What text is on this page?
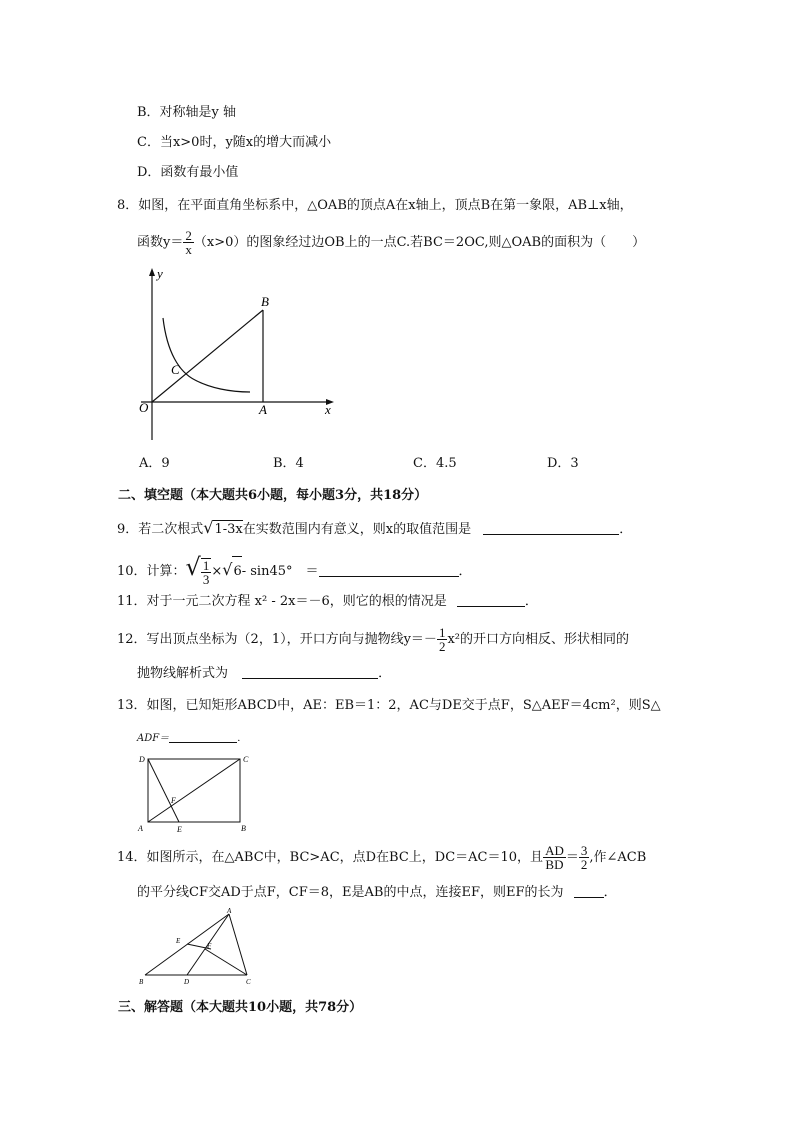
B．对称轴是y 轴
C．当x>0时，y随x的增大而减小
D．函数有最小值
8．如图，在平面直角坐标系中，△OAB的顶点A在x轴上，顶点B在第一象限，AB⊥x轴，
函数$y= \frac{2}{x} (x>0)$的图象经过边OB上的一点C.若BC＝2OC,则△OAB的面积为（　　）
y
x
O	A
B
C
A．9	B．4	C．4.5	D．3
二、填空题（本大题共6小题，每小题3分，共18分）
9．若二次根式√1-3x在实数范围内有意义，则x的取值范围是	．
10．计算：√ $\frac{1}{3} \times√6-$ sin45°　＝	．
11．对于一元二次方程 x² - 2x＝－6，则它的根的情况是	．
12．写出顶点坐标为（2，1），开口方向与抛物线$y=- \frac{1}{2} x^2$的开口方向相反、形状相同的
抛物线解析式为	．
13．如图，已知矩形ABCD中，AE：EB＝1：2，AC与DE交于点F，S△AEF＝4cm²，则S△
ADF＝	．
A	B
C
D
E
F
14．如图所示，在△ABC中，BC>AC，点D在BC上，DC＝AC＝10，且 $\frac{AD}{BD} = \frac{3}{2}$ ,作∠ACB
的平分线CF交AD于点F，CF＝8，E是AB的中点，连接EF，则EF的长为	．
A
B	C
D
E
F
三、解答题（本大题共10小题，共78分）
